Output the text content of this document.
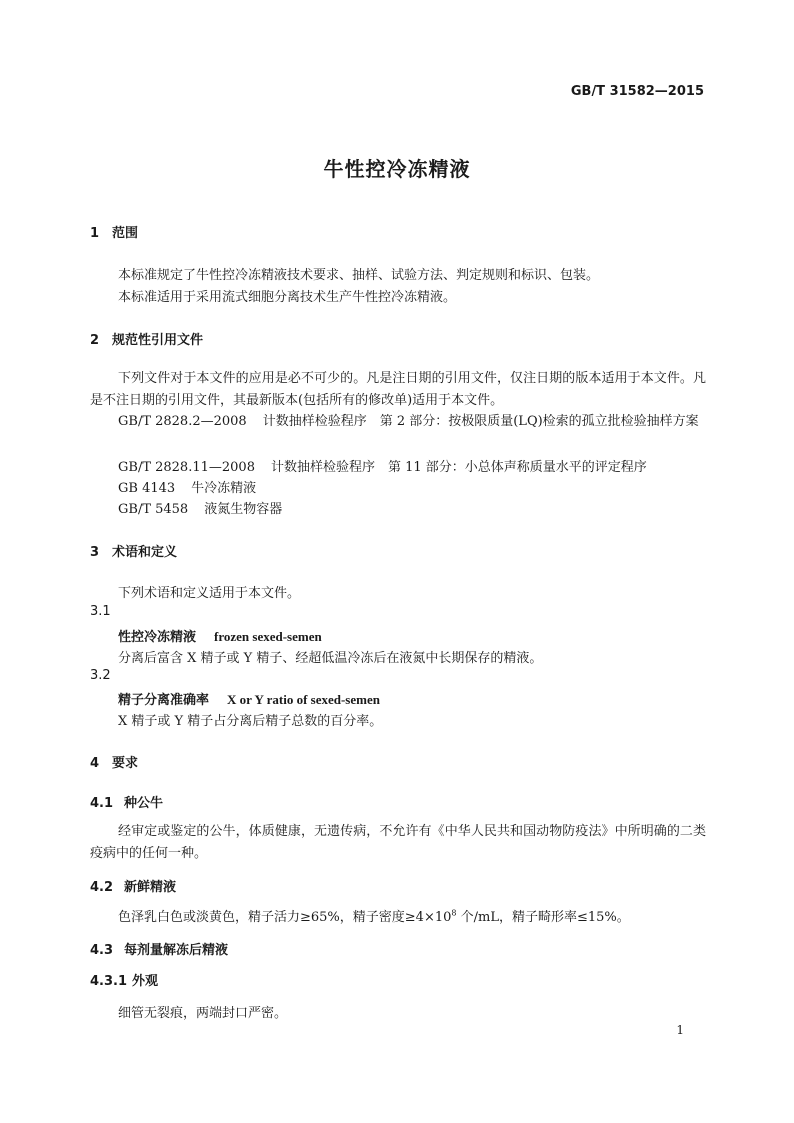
GB/T 31582—2015
牛性控冷冻精液
1 范围
本标准规定了牛性控冷冻精液技术要求、抽样、试验方法、判定规则和标识、包装。
本标准适用于采用流式细胞分离技术生产牛性控冷冻精液。
2 规范性引用文件
下列文件对于本文件的应用是必不可少的。凡是注日期的引用文件，仅注日期的版本适用于本文件。凡是不注日期的引用文件，其最新版本(包括所有的修改单)适用于本文件。
GB/T 2828.2—2008 计数抽样检验程序　第 2 部分：按极限质量(LQ)检索的孤立批检验抽样方案
GB/T 2828.11—2008 计数抽样检验程序　第 11 部分：小总体声称质量水平的评定程序
GB 4143 牛冷冻精液
GB/T 5458 液氮生物容器
3 术语和定义
下列术语和定义适用于本文件。
3.1
性控冷冻精液 frozen sexed-semen
分离后富含 X 精子或 Y 精子、经超低温冷冻后在液氮中长期保存的精液。
3.2
精子分离准确率 X or Y ratio of sexed-semen
X 精子或 Y 精子占分离后精子总数的百分率。
4 要求
4.1 种公牛
经审定或鉴定的公牛，体质健康，无遗传病，不允许有《中华人民共和国动物防疫法》中所明确的二类疫病中的任何一种。
4.2 新鲜精液
色泽乳白色或淡黄色，精子活力≥65%，精子密度$\ge 4\times 10^8$ 个/mL，精子畸形率≤15%。
4.3 每剂量解冻后精液
4.3.1 外观
细管无裂痕，两端封口严密。
1
